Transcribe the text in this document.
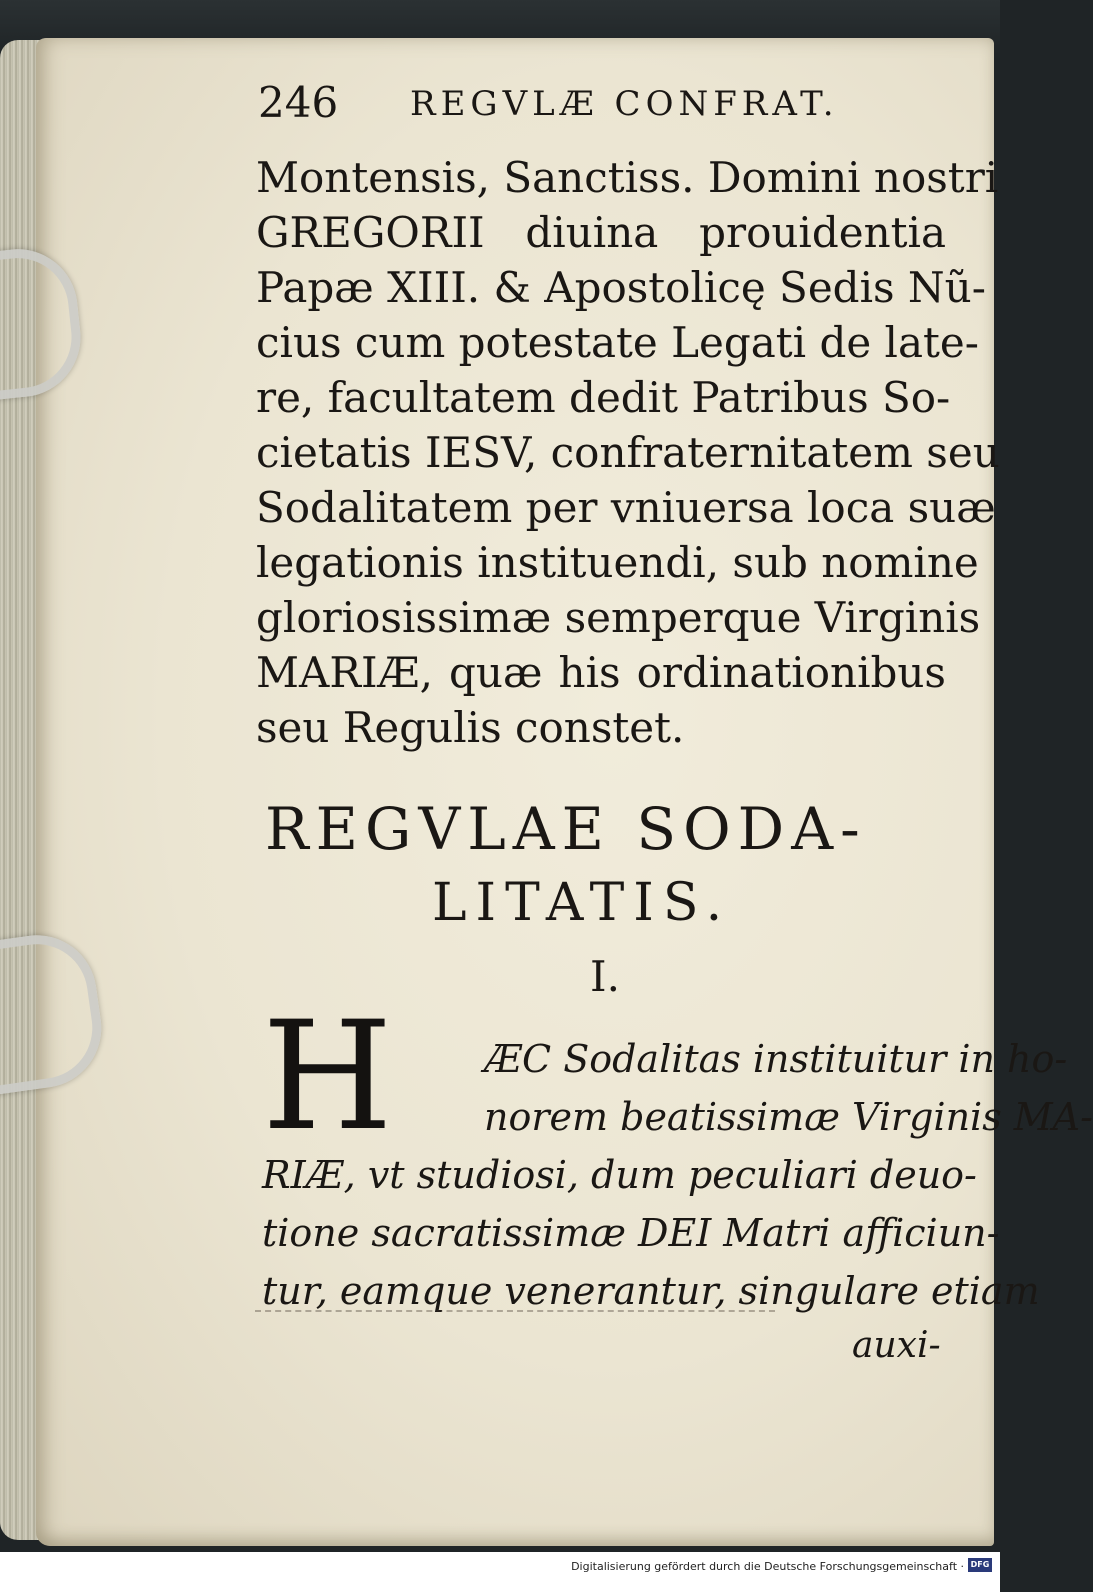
246 REGVLÆ CONFRAT.
Montensis, Sanctiss. Domini nostri
GREGORII diuina prouidentia
Papæ XIII. & Apostolicę Sedis Nũ-
cius cum potestate Legati de late-
re, facultatem dedit Patribus So-
cietatis IESV, confraternitatem seu
Sodalitatem per vniuersa loca suæ
legationis instituendi, sub nomine
gloriosissimæ semperque Virginis
MARIÆ, quæ his ordinationibus
seu Regulis constet.
REGVLAE SODA-
LITATIS.
I.
H	ÆC Sodalitas instituitur in ho-
norem beatissimæ Virginis MA-
RIÆ, vt studiosi, dum peculiari deuo-
tione sacratissimæ DEI Matri afficiun-
tur, eamque venerantur, singulare etiam
auxi-
Digitalisierung gefördert durch die Deutsche Forschungsgemeinschaft · DFG
